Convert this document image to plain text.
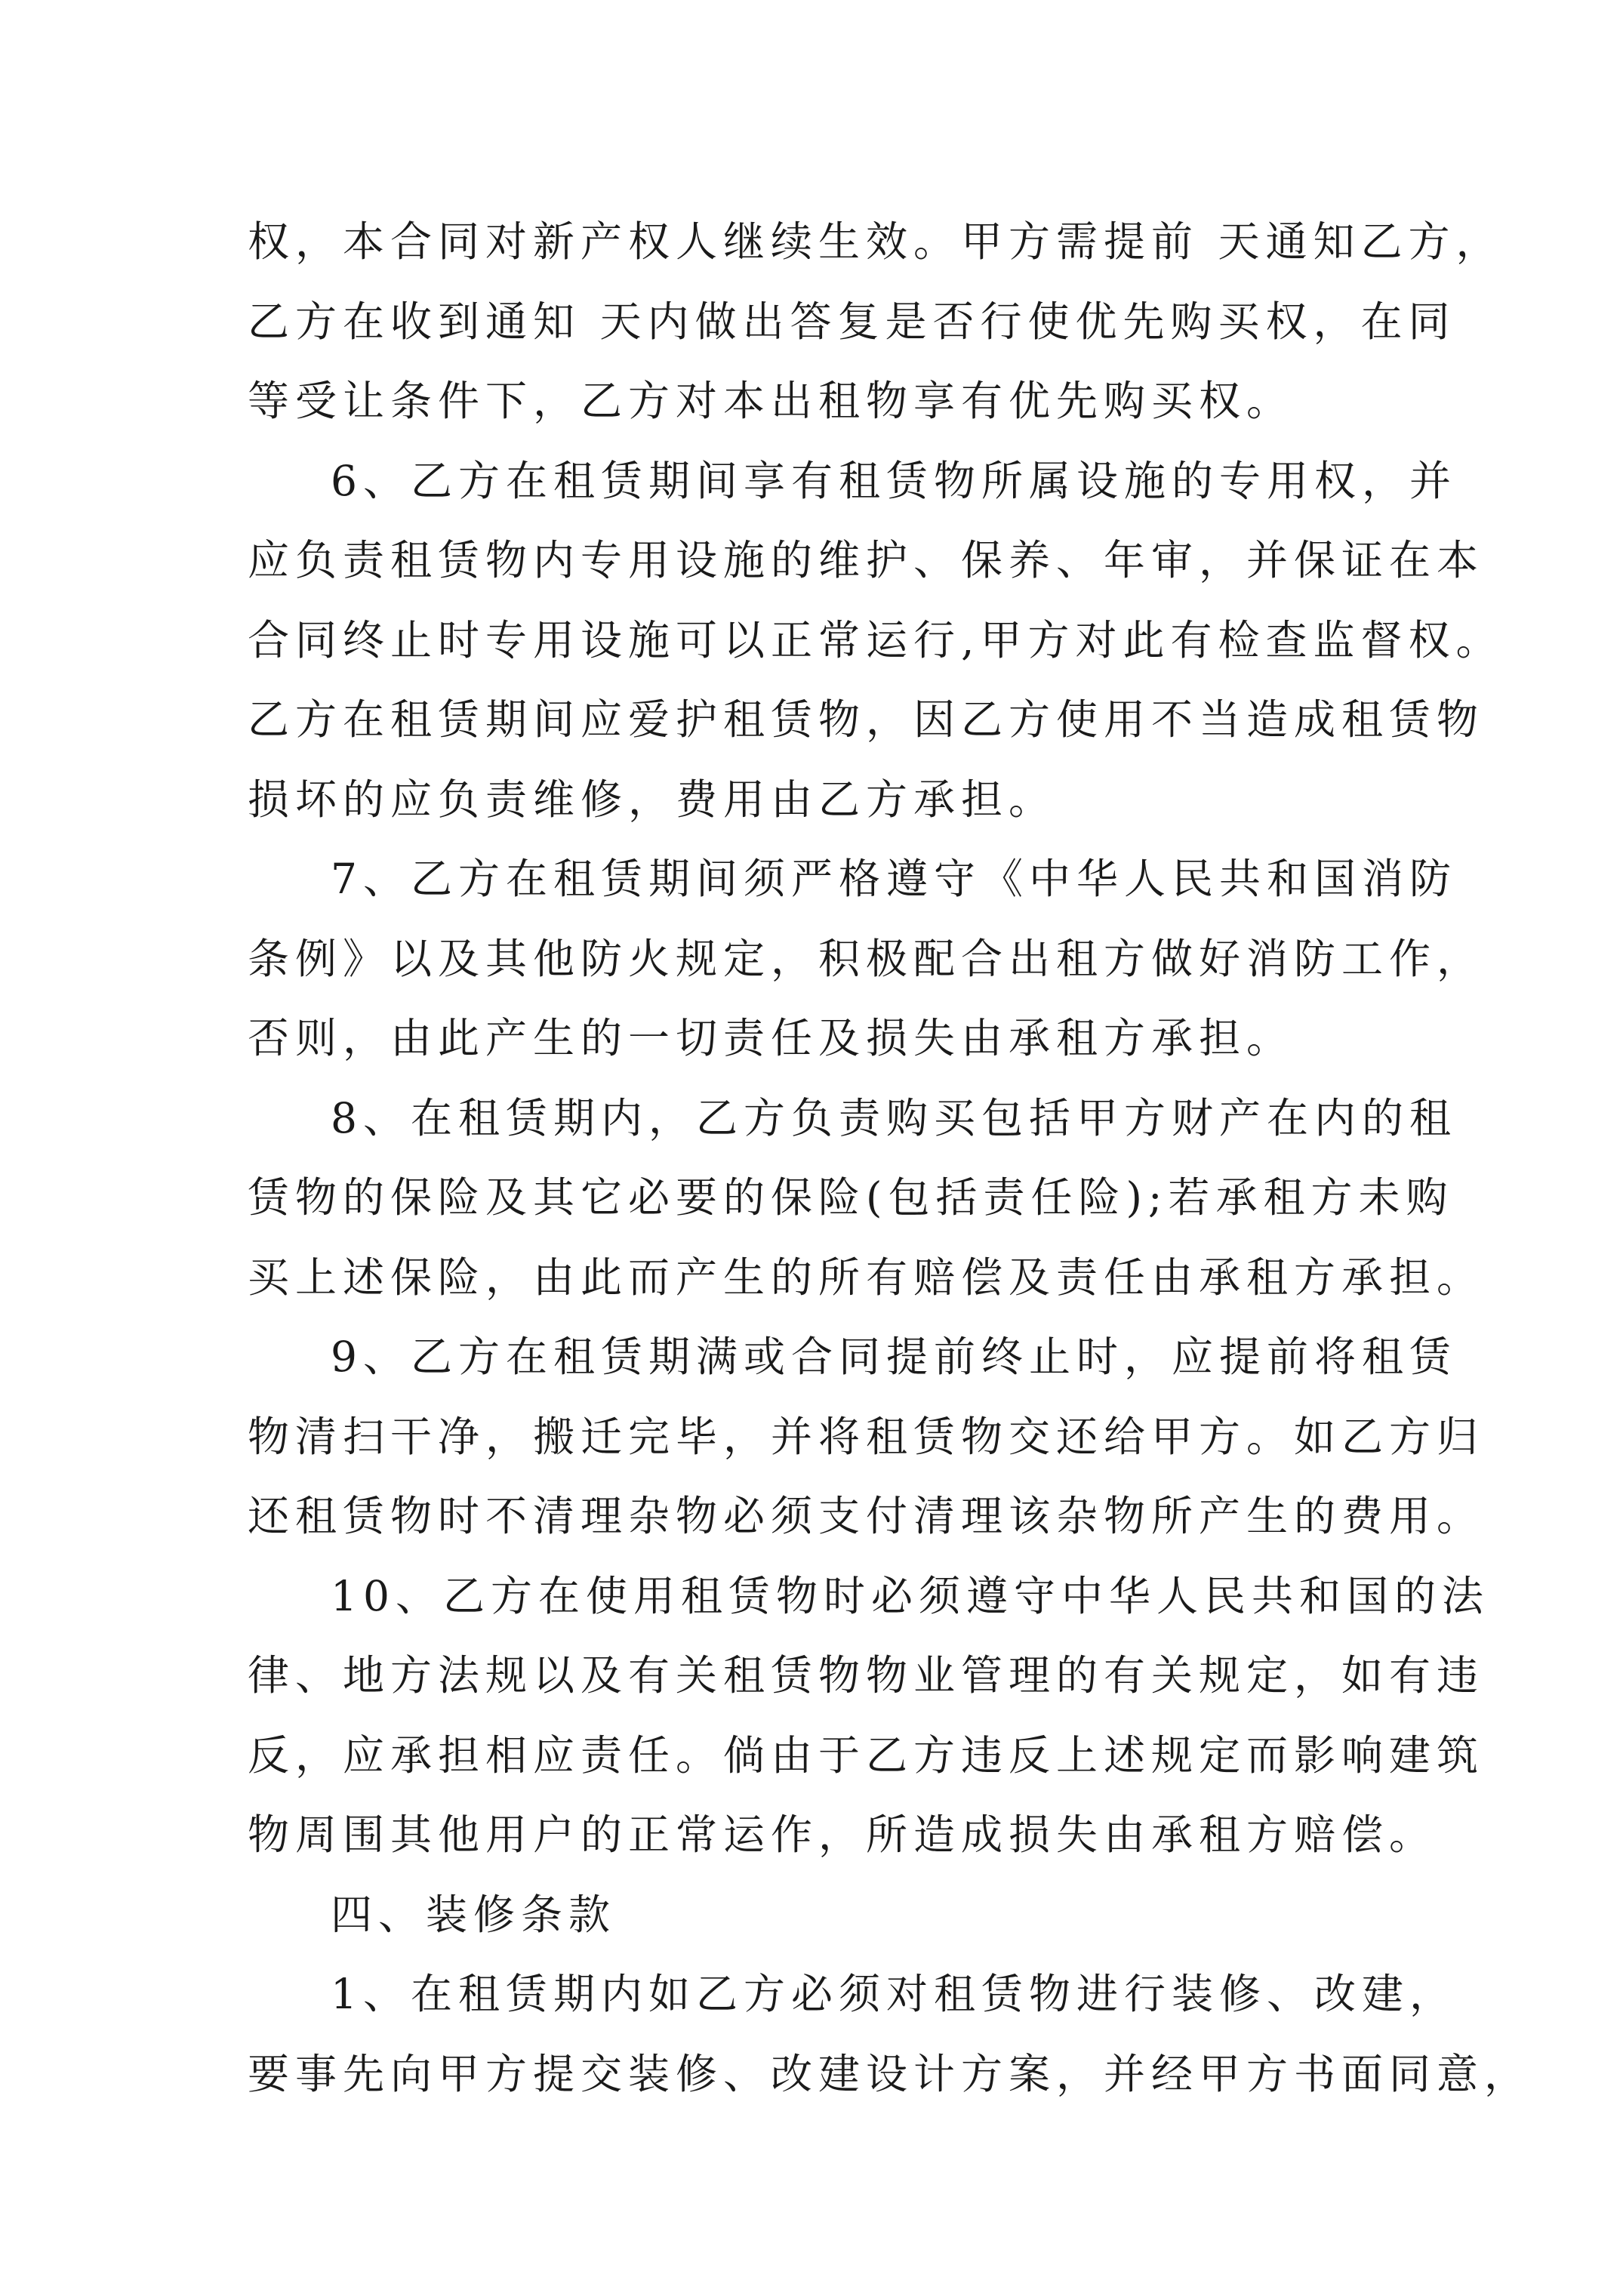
权，本合同对新产权人继续生效。甲方需提前 天通知乙方，
乙方在收到通知 天内做出答复是否行使优先购买权，在同
等受让条件下，乙方对本出租物享有优先购买权。
6、乙方在租赁期间享有租赁物所属设施的专用权，并
应负责租赁物内专用设施的维护、保养、年审，并保证在本
合同终止时专用设施可以正常运行,甲方对此有检查监督权。
乙方在租赁期间应爱护租赁物，因乙方使用不当造成租赁物
损坏的应负责维修，费用由乙方承担。
7、乙方在租赁期间须严格遵守《中华人民共和国消防
条例》以及其他防火规定，积极配合出租方做好消防工作，
否则，由此产生的一切责任及损失由承租方承担。
8、在租赁期内，乙方负责购买包括甲方财产在内的租
赁物的保险及其它必要的保险(包括责任险);若承租方未购
买上述保险，由此而产生的所有赔偿及责任由承租方承担。
9、乙方在租赁期满或合同提前终止时，应提前将租赁
物清扫干净，搬迁完毕，并将租赁物交还给甲方。如乙方归
还租赁物时不清理杂物必须支付清理该杂物所产生的费用。
10、乙方在使用租赁物时必须遵守中华人民共和国的法
律、地方法规以及有关租赁物物业管理的有关规定，如有违
反，应承担相应责任。倘由于乙方违反上述规定而影响建筑
物周围其他用户的正常运作，所造成损失由承租方赔偿。
四、装修条款
1、在租赁期内如乙方必须对租赁物进行装修、改建，
要事先向甲方提交装修、改建设计方案，并经甲方书面同意，
